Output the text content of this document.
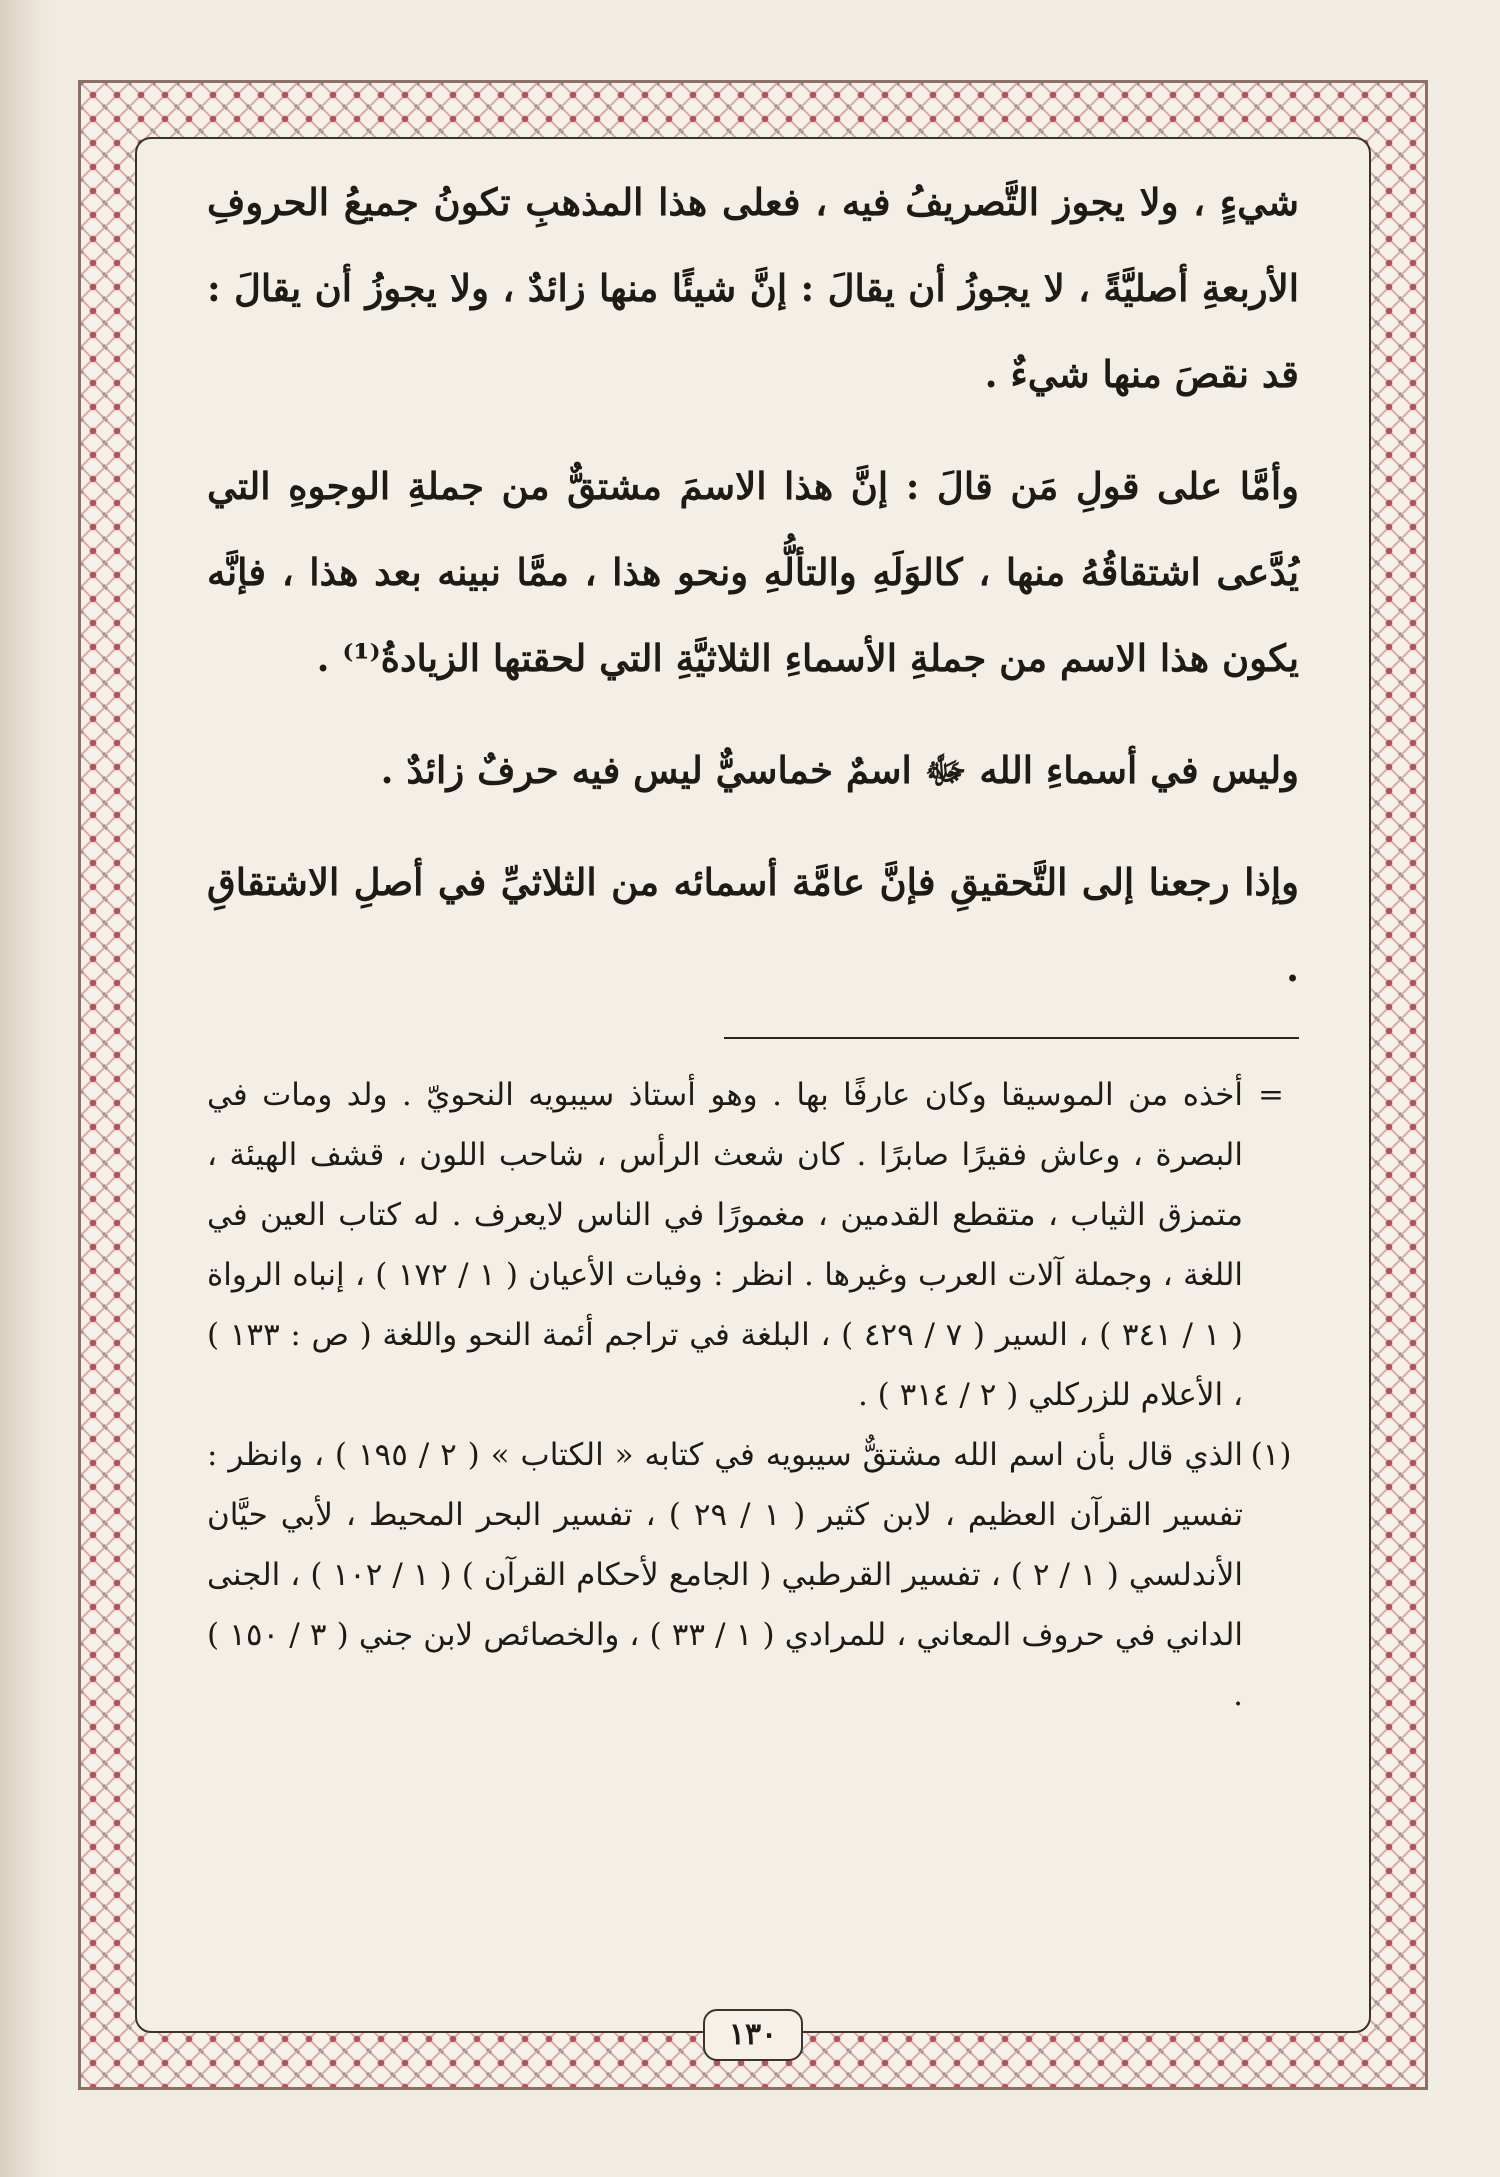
شيءٍ ، ولا يجوز التَّصريفُ فيه ، فعلى هذا المذهبِ تكونُ جميعُ الحروفِ الأربعةِ أصليَّةً ، لا يجوزُ أن يقالَ : إنَّ شيئًا منها زائدٌ ، ولا يجوزُ أن يقالَ : قد نقصَ منها شيءٌ .

وأمَّا على قولِ مَن قالَ : إنَّ هذا الاسمَ مشتقٌّ من جملةِ الوجوهِ التي يُدَّعى اشتقاقُهُ منها ، كالوَلَهِ والتألُّهِ ونحو هذا ، ممَّا نبينه بعد هذا ، فإنَّه يكون هذا الاسم من جملةِ الأسماءِ الثلاثيَّةِ التي لحقتها الزيادةُ⁽¹⁾ .

وليس في أسماءِ الله ﷻ اسمٌ خماسيٌّ ليس فيه حرفٌ زائدٌ .

وإذا رجعنا إلى التَّحقيقِ فإنَّ عامَّة أسمائه من الثلاثيِّ في أصلِ الاشتقاقِ .

=
أخذه من الموسيقا وكان عارفًا بها . وهو أستاذ سيبويه النحويّ . ولد ومات في البصرة ، وعاش فقيرًا صابرًا . كان شعث الرأس ، شاحب اللون ، قشف الهيئة ، متمزق الثياب ، متقطع القدمين ، مغمورًا في الناس لايعرف . له كتاب العين في اللغة ، وجملة آلات العرب وغيرها . انظر : وفيات الأعيان ( ١ / ١٧٢ ) ، إنباه الرواة ( ١ / ٣٤١ ) ، السير ( ٧ / ٤٢٩ ) ، البلغة في تراجم أئمة النحو واللغة ( ص : ١٣٣ ) ، الأعلام للزركلي ( ٢ / ٣١٤ ) .
(١)
الذي قال بأن اسم الله مشتقٌّ سيبويه في كتابه « الكتاب » ( ٢ / ١٩٥ ) ، وانظر : تفسير القرآن العظيم ، لابن كثير ( ١ / ٢٩ ) ، تفسير البحر المحيط ، لأبي حيَّان الأندلسي ( ١ / ٢ ) ، تفسير القرطبي ( الجامع لأحكام القرآن ) ( ١ / ١٠٢ ) ، الجنى الداني في حروف المعاني ، للمرادي ( ١ / ٣٣ ) ، والخصائص لابن جني ( ٣ / ١٥٠ ) .
١٣٠
